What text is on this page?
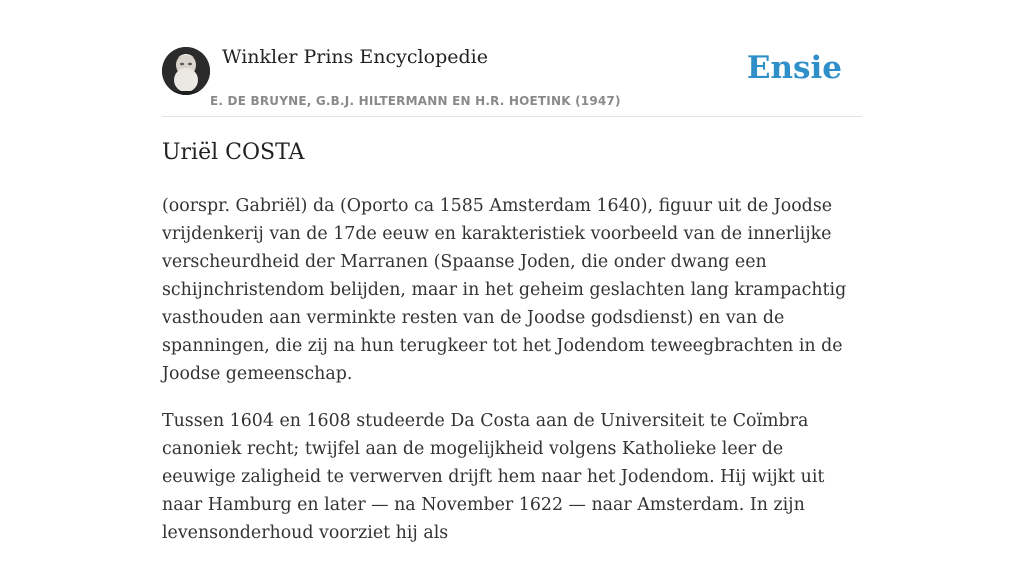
Winkler Prins Encyclopedie
E. DE BRUYNE, G.B.J. HILTERMANN EN H.R. HOETINK (1947)
Ensie
Uriël COSTA

(oorspr. Gabriël) da (Oporto ca 1585 Amsterdam 1640), figuur uit de Joodse vrijdenkerij van de 17de eeuw en karakteristiek voorbeeld van de innerlijke verscheurdheid der Marranen (Spaanse Joden, die onder dwang een schijnchristendom belijden, maar in het geheim geslachten lang krampachtig vasthouden aan verminkte resten van de Joodse godsdienst) en van de spanningen, die zij na hun terugkeer tot het Jodendom teweegbrachten in de Joodse gemeenschap.

Tussen 1604 en 1608 studeerde Da Costa aan de Universiteit te Coïmbra canoniek recht; twijfel aan de mogelijkheid volgens Katholieke leer de eeuwige zaligheid te verwerven drijft hem naar het Jodendom. Hij wijkt uit naar Hamburg en later — na November 1622 — naar Amsterdam. In zijn levensonderhoud voorziet hij als
